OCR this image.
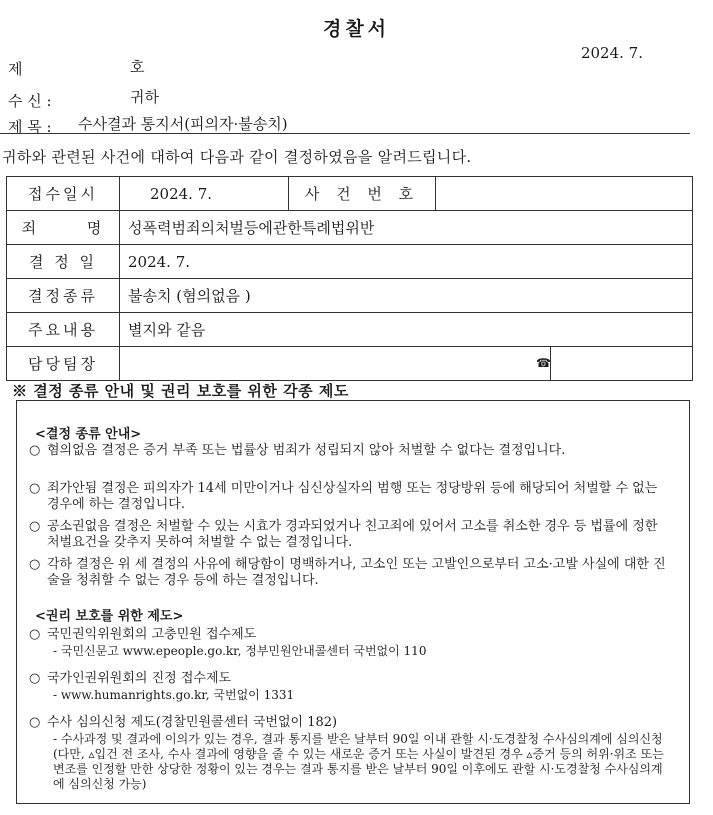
경찰서
2024. 7.
제	호
수 신 :	귀하
제 목 : 수사결과 통지서(피의자·불송치)
귀하와 관련된 사건에 대하여 다음과 같이 결정하였음을 알려드립니다.
접수일시	2024. 7.	사 건 번 호	
죄 명	성폭력범죄의처벌등에관한특례법위반		
결 정 일	2024. 7.		
결정종류	불송치 (혐의없음 )		
주요내용	별지와 같음		
담당팀장	☎		
※ 결정 종류 안내 및 권리 보호를 위한 각종 제도
<결정 종류 안내>
○ 혐의없음 결정은 증거 부족 또는 법률상 범죄가 성립되지 않아 처벌할 수 없다는 결정입니다.
○ 죄가안됨 결정은 피의자가 14세 미만이거나 심신상실자의 범행 또는 정당방위 등에 해당되어 처벌할 수 없는 경우에 하는 결정입니다.
○ 공소권없음 결정은 처벌할 수 있는 시효가 경과되었거나 친고죄에 있어서 고소를 취소한 경우 등 법률에 정한 처벌요건을 갖추지 못하여 처벌할 수 없는 결정입니다.
○ 각하 결정은 위 세 결정의 사유에 해당함이 명백하거나, 고소인 또는 고발인으로부터 고소·고발 사실에 대한 진술을 청취할 수 없는 경우 등에 하는 결정입니다.
<권리 보호를 위한 제도>
○ 국민권익위원회의 고충민원 접수제도
- 국민신문고 www.epeople.go.kr, 정부민원안내콜센터 국번없이 110
○ 국가인권위원회의 진정 접수제도
- www.humanrights.go.kr, 국번없이 1331
○ 수사 심의신청 제도(경찰민원콜센터 국번없이 182)
- 수사과정 및 결과에 이의가 있는 경우, 결과 통지를 받은 날부터 90일 이내 관할 시·도경찰청 수사심의계에 심의신청 (다만, ▵입건 전 조사, 수사 결과에 영향을 줄 수 있는 새로운 증거 또는 사실이 발견된 경우 ▵증거 등의 허위·위조 또는 변조를 인정할 만한 상당한 정황이 있는 경우는 결과 통지를 받은 날부터 90일 이후에도 관할 시·도경찰청 수사심의계에 심의신청 가능)
